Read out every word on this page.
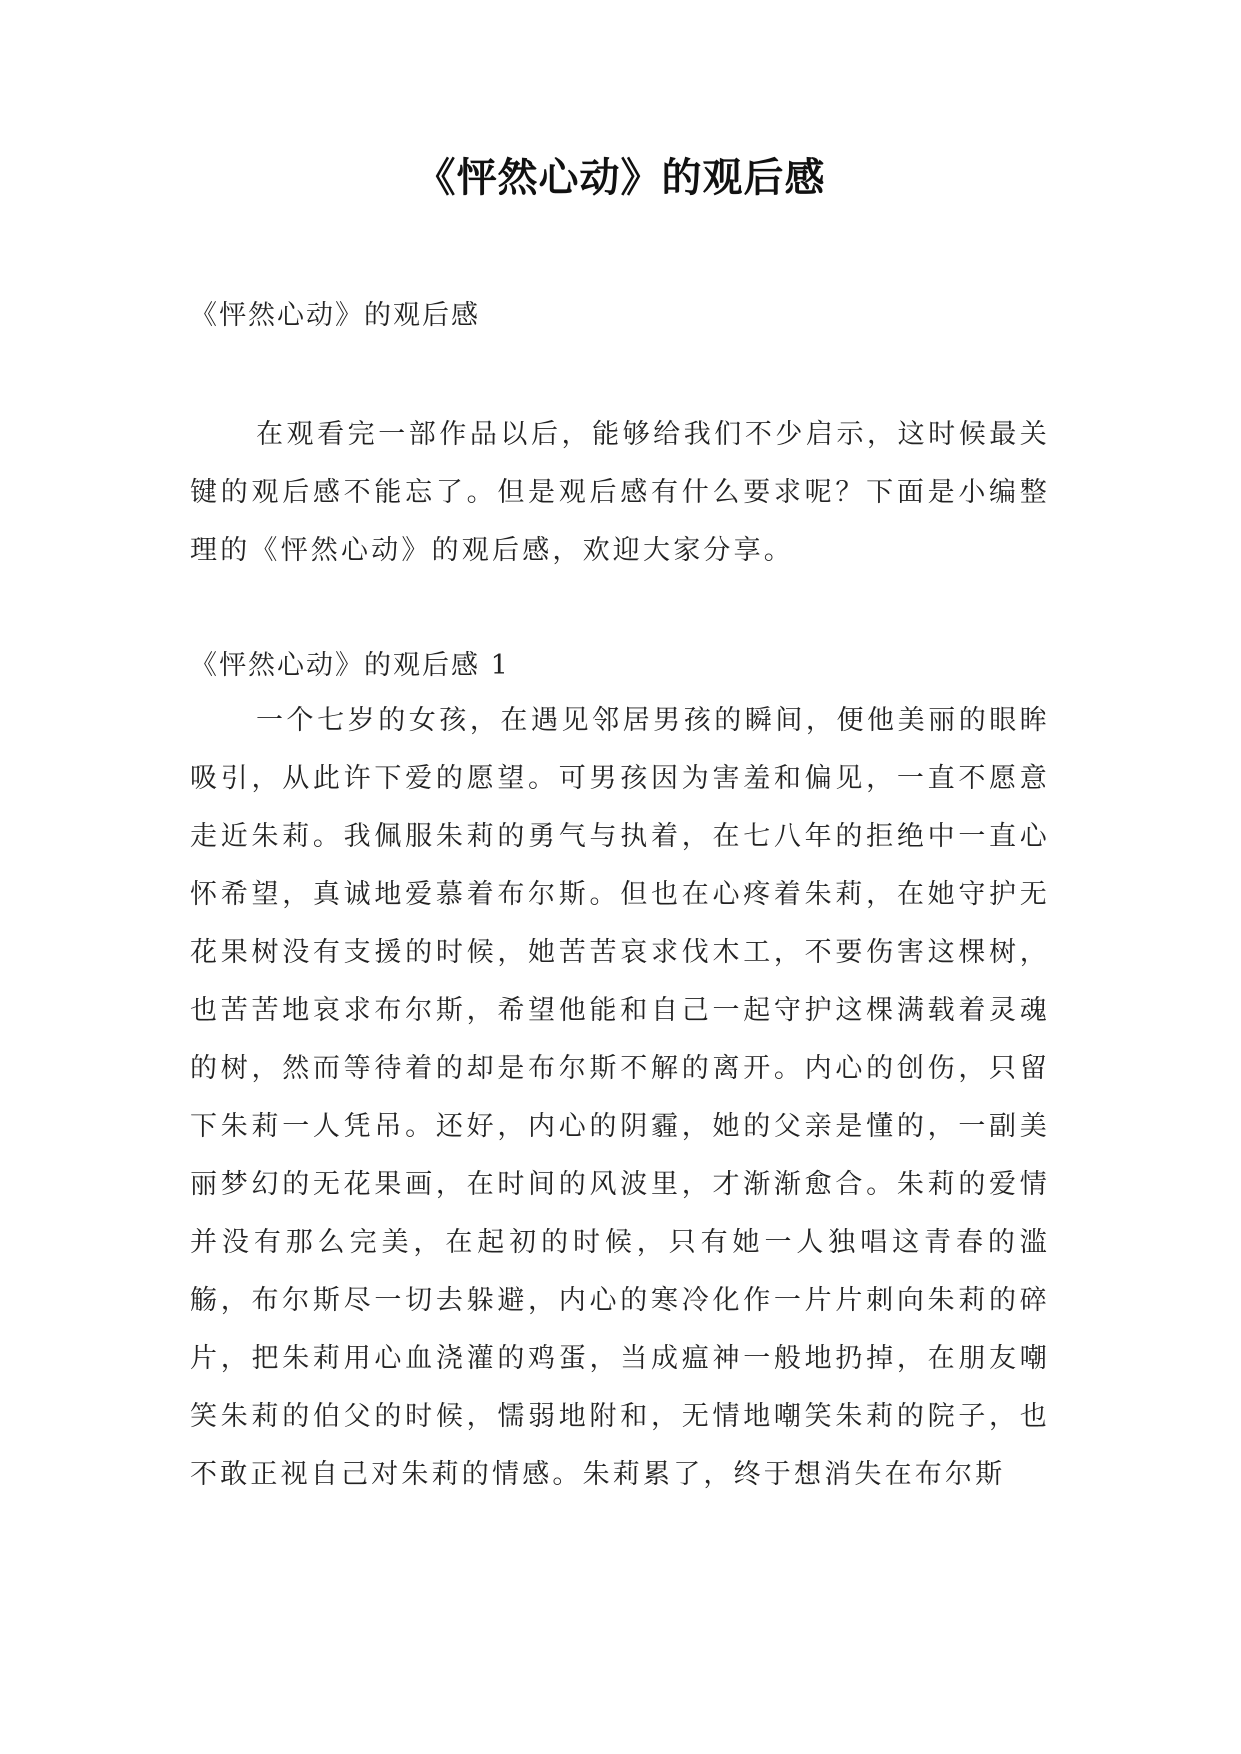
《怦然心动》的观后感
《怦然心动》的观后感

在观看完一部作品以后，能够给我们不少启示，这时候最关键的观后感不能忘了。但是观后感有什么要求呢？下面是小编整理的《怦然心动》的观后感，欢迎大家分享。

《怦然心动》的观后感 1

一个七岁的女孩，在遇见邻居男孩的瞬间，便他美丽的眼眸吸引，从此许下爱的愿望。可男孩因为害羞和偏见，一直不愿意走近朱莉。我佩服朱莉的勇气与执着，在七八年的拒绝中一直心怀希望，真诚地爱慕着布尔斯。但也在心疼着朱莉，在她守护无花果树没有支援的时候，她苦苦哀求伐木工，不要伤害这棵树，也苦苦地哀求布尔斯，希望他能和自己一起守护这棵满载着灵魂的树，然而等待着的却是布尔斯不解的离开。内心的创伤，只留下朱莉一人凭吊。还好，内心的阴霾，她的父亲是懂的，一副美丽梦幻的无花果画，在时间的风波里，才渐渐愈合。朱莉的爱情并没有那么完美，在起初的时候，只有她一人独唱这青春的滥觞，布尔斯尽一切去躲避，内心的寒冷化作一片片刺向朱莉的碎片，把朱莉用心血浇灌的鸡蛋，当成瘟神一般地扔掉，在朋友嘲笑朱莉的伯父的时候，懦弱地附和，无情地嘲笑朱莉的院子，也不敢正视自己对朱莉的情感。朱莉累了，终于想消失在布尔斯
